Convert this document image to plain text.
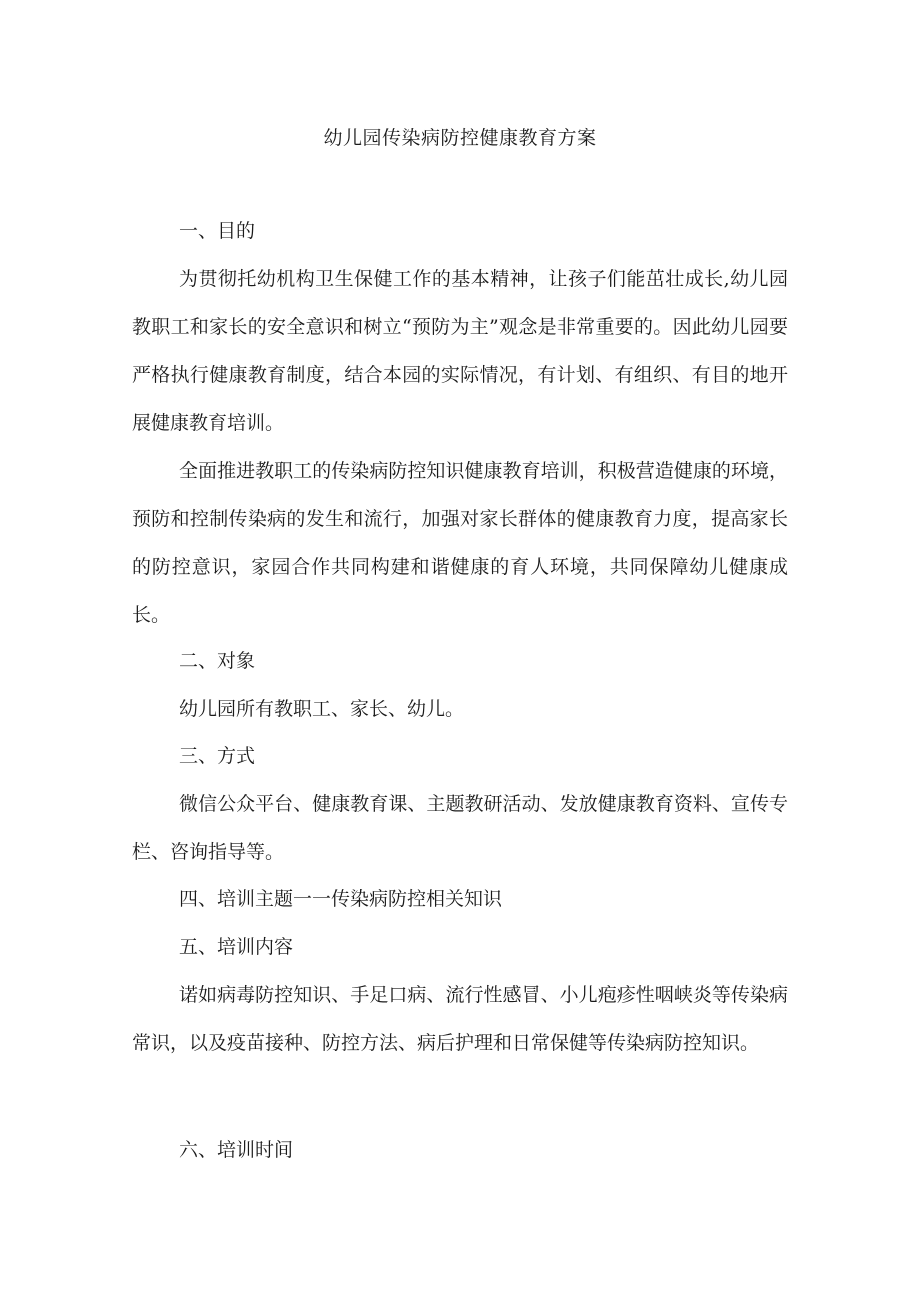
幼儿园传染病防控健康教育方案
一、目的
为贯彻托幼机构卫生保健工作的基本精神，让孩子们能茁壮成长,幼儿园教职工和家长的安全意识和树立“预防为主”观念是非常重要的。因此幼儿园要严格执行健康教育制度，结合本园的实际情况，有计划、有组织、有目的地开展健康教育培训。
全面推进教职工的传染病防控知识健康教育培训，积极营造健康的环境，预防和控制传染病的发生和流行，加强对家长群体的健康教育力度，提高家长的防控意识，家园合作共同构建和谐健康的育人环境，共同保障幼儿健康成长。
二、对象
幼儿园所有教职工、家长、幼儿。
三、方式
微信公众平台、健康教育课、主题教研活动、发放健康教育资料、宣传专栏、咨询指导等。
四、培训主题一一传染病防控相关知识
五、培训内容
诺如病毒防控知识、手足口病、流行性感冒、小儿疱疹性咽峡炎等传染病常识，以及疫苗接种、防控方法、病后护理和日常保健等传染病防控知识。
六、培训时间
